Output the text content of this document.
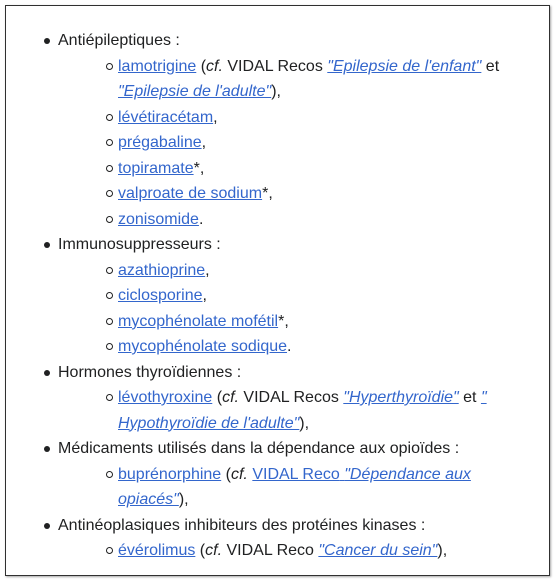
Antiépileptiques :
lamotrigine (cf. VIDAL Recos "Epilepsie de l'enfant" et "Epilepsie de l'adulte"),
lévétiracétam,
prégabaline,
topiramate*,
valproate de sodium*,
zonisomide.
Immunosuppresseurs :
azathioprine,
ciclosporine,
mycophénolate mofétil*,
mycophénolate sodique.
Hormones thyroïdiennes :
lévothyroxine (cf. VIDAL Recos "Hyperthyroïdie" et " Hypothyroïdie de l'adulte"),
Médicaments utilisés dans la dépendance aux opioïdes :
buprénorphine (cf. VIDAL Reco "Dépendance aux opiacés"),
Antinéoplasiques inhibiteurs des protéines kinases :
évérolimus (cf. VIDAL Reco "Cancer du sein"),
